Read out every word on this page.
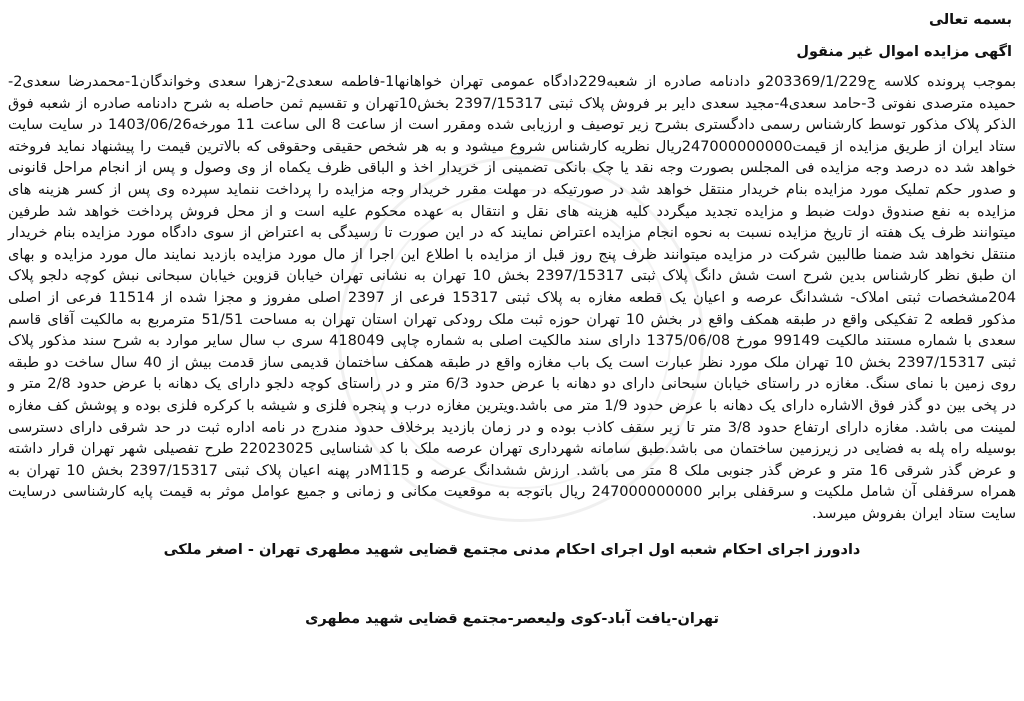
بسمه تعالی

اگهی مزایده اموال غیر منقول

بموجب پرونده کلاسه ج203369/1/229و دادنامه صادره از شعبه229دادگاه عمومی تهران خواهانها1-فاطمه سعدی2-زهرا سعدی وخواندگان1-محمدرضا سعدی2-حمیده مترصدی نفوتی 3-حامد سعدی4-مجید سعدی دایر بر فروش پلاک ثبتی 2397/15317 بخش10تهران و تقسیم ثمن حاصله به شرح دادنامه صادره از شعبه فوق الذکر پلاک مذکور توسط کارشناس رسمی دادگستری بشرح زیر توصیف و ارزیابی شده ومقرر است از ساعت 8 الی ساعت 11 مورخه1403/06/26 در سایت سایت ستاد ایران از طریق مزایده از قیمت247000000000ریال نظریه کارشناس شروع میشود و به هر شخص حقیقی وحقوقی که بالاترین قیمت را پیشنهاد نماید فروخته خواهد شد ده درصد وجه مزایده فی المجلس بصورت وجه نقد یا چک بانکی تضمینی از خریدار اخذ و الباقی ظرف یکماه از وی وصول و پس از انجام مراحل قانونی و صدور حکم تملیک مورد مزایده بنام خریدار منتقل خواهد شد در صورتیکه در مهلت مقرر خریدار وجه مزایده را پرداخت ننماید سپرده وی پس از کسر هزینه های مزایده به نفع صندوق دولت ضبط و مزایده تجدید میگردد کلیه هزینه های نقل و انتقال به عهده محکوم علیه است و از محل فروش پرداخت خواهد شد طرفین میتوانند ظرف یک هفته از تاریخ مزایده نسبت به نحوه انجام مزایده اعتراض نمایند که در این صورت تا رسیدگی به اعتراض از سوی دادگاه مورد مزایده بنام خریدار منتقل نخواهد شد ضمنا طالبین شرکت در مزایده میتوانند ظرف پنج روز قبل از مزایده با اطلاع این اجرا از مال مورد مزایده بازدید نمایند مال مورد مزایده و بهای ان طبق نظر کارشناس بدین شرح است شش دانگ پلاک ثبتی 2397/15317 بخش 10 تهران به نشانی تهران خیابان قزوین خیابان سبحانی نبش کوچه دلجو پلاک 204مشخصات ثبتی املاک- ششدانگ عرصه و اعیان یک قطعه مغازه به پلاک ثبتی 15317 فرعی از 2397 اصلی مفروز و مجزا شده از 11514 فرعی از اصلی مذکور قطعه 2 تفکیکی واقع در طبقه همکف واقع در بخش 10 تهران حوزه ثبت ملک رودکی تهران استان تهران به مساحت 51/51 مترمربع به مالکیت آقای قاسم سعدی با شماره مستند مالکیت 99149 مورخ 1375/06/08 دارای سند مالکیت اصلی به شماره چاپی 418049 سری ب سال سایر موارد به شرح سند مذکور پلاک ثبتی 2397/15317 بخش 10 تهران ملک مورد نظر عبارت است یک باب مغازه واقع در طبقه همکف ساختمان قدیمی ساز قدمت بیش از 40 سال ساخت دو طبقه روی زمین با نمای سنگ. مغازه در راستای خیابان سبحانی دارای دو دهانه با عرض حدود 6/3 متر و در راستای کوچه دلجو دارای یک دهانه با عرض حدود 2/8 متر و در پخی بین دو گذر فوق الاشاره دارای یک دهانه با عرض حدود 1/9 متر می باشد.ویترین مغازه درب و پنجره فلزی و شیشه با کرکره فلزی بوده و پوشش کف مغازه لمینت می باشد. مغازه دارای ارتفاع حدود 3/8 متر تا زیر سقف کاذب بوده و در زمان بازدید برخلاف حدود مندرج در نامه اداره ثبت در حد شرقی دارای دسترسی بوسیله راه پله به فضایی در زیرزمین ساختمان می باشد.طبق سامانه شهرداری تهران عرصه ملک با کد شناسایی 22023025 طرح تفصیلی شهر تهران قرار داشته و عرض گذر شرقی 16 متر و عرض گذر جنوبی ملک 8 متر می باشد. ارزش ششدانگ عرصه و M115در پهنه اعیان پلاک ثبتی 2397/15317 بخش 10 تهران به همراه سرقفلی آن شامل ملکیت و سرقفلی برابر 247000000000 ریال باتوجه به موقعیت مکانی و زمانی و جمیع عوامل موثر به قیمت پایه کارشناسی درسایت سایت ستاد ایران بفروش میرسد.

دادورز اجرای احکام شعبه اول اجرای احکام مدنی مجتمع قضایی شهید مطهری تهران - اصغر ملکی

تهران-یافت آباد-کوی ولیعصر-مجتمع قضایی شهید مطهری
